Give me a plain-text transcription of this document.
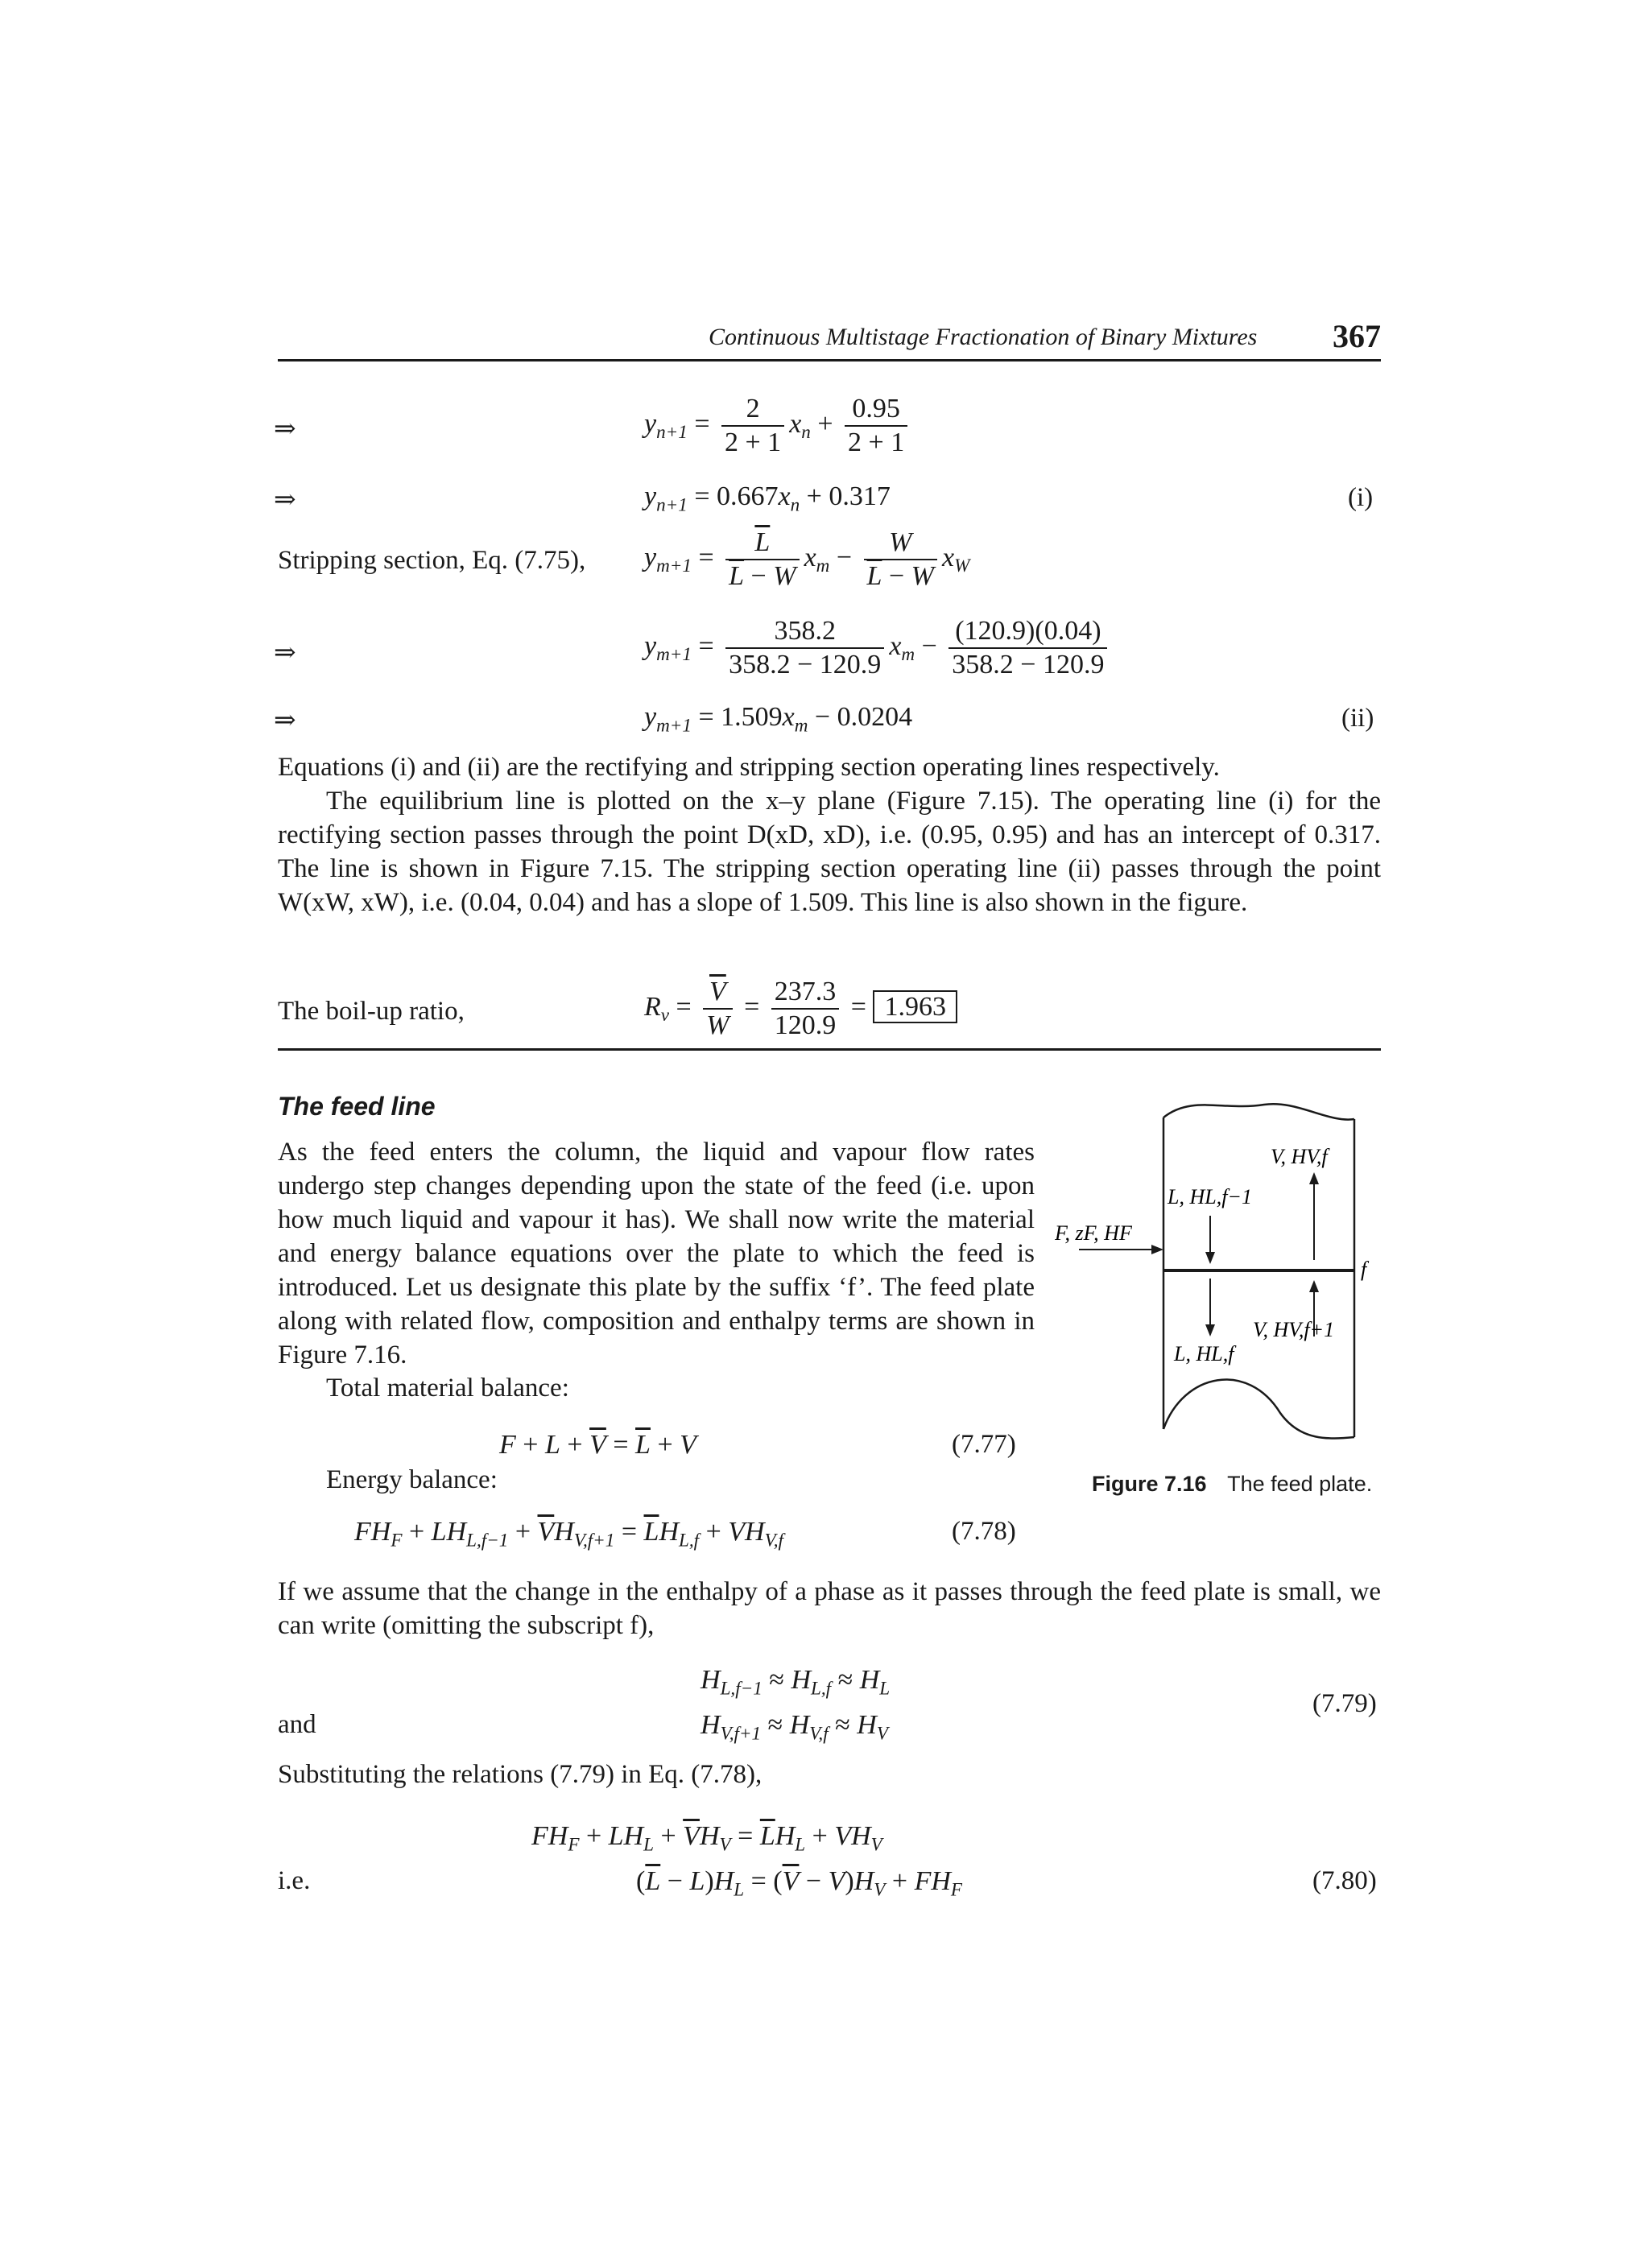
Continuous Multistage Fractionation of Binary Mixtures 367
⇒	$y_{n+1} = \frac{2}{2 + 1} x_n + \frac{0.95}{2 + 1}$
⇒	$y_{n+1} = 0.667x_n + 0.317$	(i)
Stripping section, Eq. (7.75), $y_{m+1} = \frac{\overline{L}}{\overline{L} - W} x_m - \frac{W}{\overline{L} - W} x_W$
⇒	$y_{m+1} = \frac{358.2}{358.2 - 120.9} x_m - \frac{(120.9)(0.04)}{358.2 - 120.9}$
⇒	$y_{m+1} = 1.509x_m - 0.0204$	(ii)
Equations (i) and (ii) are the rectifying and stripping section operating lines respectively.
The equilibrium line is plotted on the x–y plane (Figure 7.15). The operating line (i) for the rectifying section passes through the point D(xD, xD), i.e. (0.95, 0.95) and has an intercept of 0.317. The line is shown in Figure 7.15. The stripping section operating line (ii) passes through the point W(xW, xW), i.e. (0.04, 0.04) and has a slope of 1.509. This line is also shown in the figure.
The boil-up ratio,	$R_v = \frac{\overline{V}}{W} = \frac{237.3}{120.9} = 1.963$
The feed line
As the feed enters the column, the liquid and vapour flow rates undergo step changes depending upon the state of the feed (i.e. upon how much liquid and vapour it has). We shall now write the material and energy balance equations over the plate to which the feed is introduced. Let us designate this plate by the suffix ‘f’. The feed plate along with related flow, composition and enthalpy terms are shown in Figure 7.16.
Total material balance:
$F + L + \overline{V} = \overline{L} + V$	(7.77)
Energy balance:
$FH_F + LH_{L,f-1} + \overline{V}H_{V,f+1} = \overline{L}H_{L,f} + VH_{V,f}$	(7.78)
F, zF, HF
L, HL,f−1
V, HV,f
V, HV,f+1
L, HL,f
f
Figure 7.16 The feed plate.
If we assume that the change in the enthalpy of a phase as it passes through the feed plate is small, we can write (omitting the subscript f),
$H_{L,f-1} \approx H_{L,f} \approx H_L$
and	$H_{V,f+1} \approx H_{V,f} \approx H_V$
(7.79)
Substituting the relations (7.79) in Eq. (7.78),
$FH_F + LH_L + \overline{V}H_V = \overline{L}H_L + VH_V$
i.e.	$(\overline{L} - L)H_L = (\overline{V} - V)H_V + FH_F$	(7.80)
